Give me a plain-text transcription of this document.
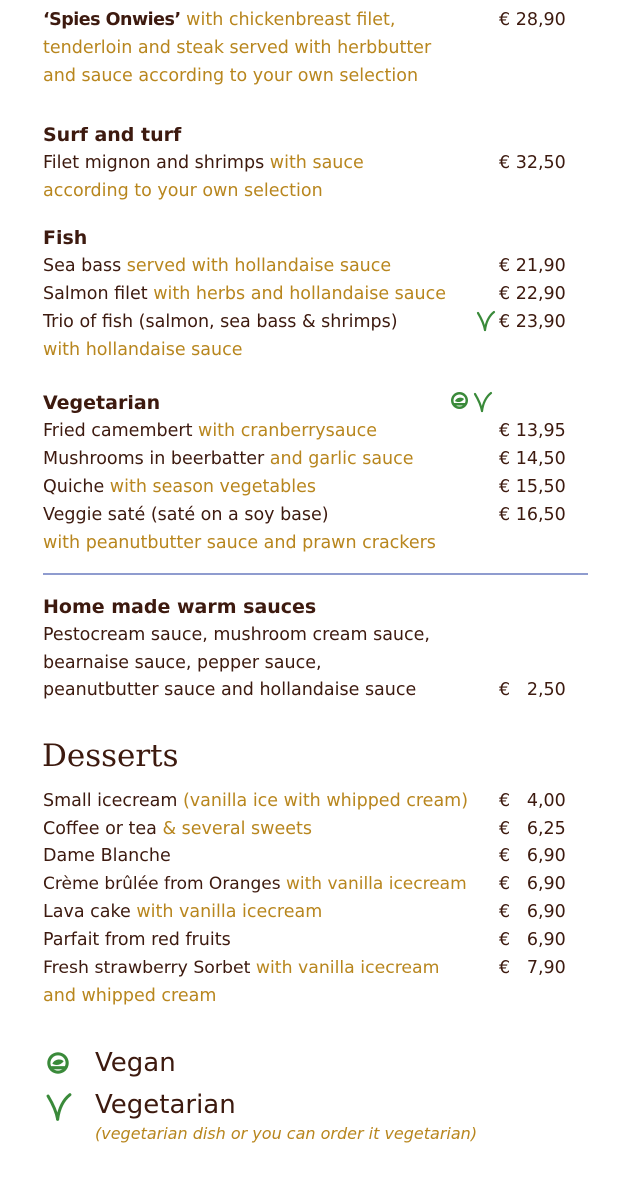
‘Spies Onwies’ with chickenbreast filet,	€ 28,90
tenderloin and steak served with herbbutter
and sauce according to your own selection
Surf and turf
Filet mignon and shrimps with sauce	€ 32,50
according to your own selection
Fish
Sea bass served with hollandaise sauce	€ 21,90
Salmon filet with herbs and hollandaise sauce	€ 22,90
Trio of fish (salmon, sea bass & shrimps)	€ 23,90
with hollandaise sauce
Vegetarian
Fried camembert with cranberrysauce	€ 13,95
Mushrooms in beerbatter and garlic sauce	€ 14,50
Quiche with season vegetables	€ 15,50
Veggie saté (saté on a soy base)	€ 16,50
with peanutbutter sauce and prawn crackers
Home made warm sauces
Pestocream sauce, mushroom cream sauce,
bearnaise sauce, pepper sauce,
peanutbutter sauce and hollandaise sauce	€   2,50
Desserts
Small icecream (vanilla ice with whipped cream) €   4,00
Coffee or tea & several sweets	€   6,25
Dame Blanche	€   6,90
Crème brûlée from Oranges with vanilla icecream €   6,90
Lava cake with vanilla icecream	€   6,90
Parfait from red fruits	€   6,90
Fresh strawberry Sorbet with vanilla icecream	€   7,90
and whipped cream
Vegan
Vegetarian
(vegetarian dish or you can order it vegetarian)
